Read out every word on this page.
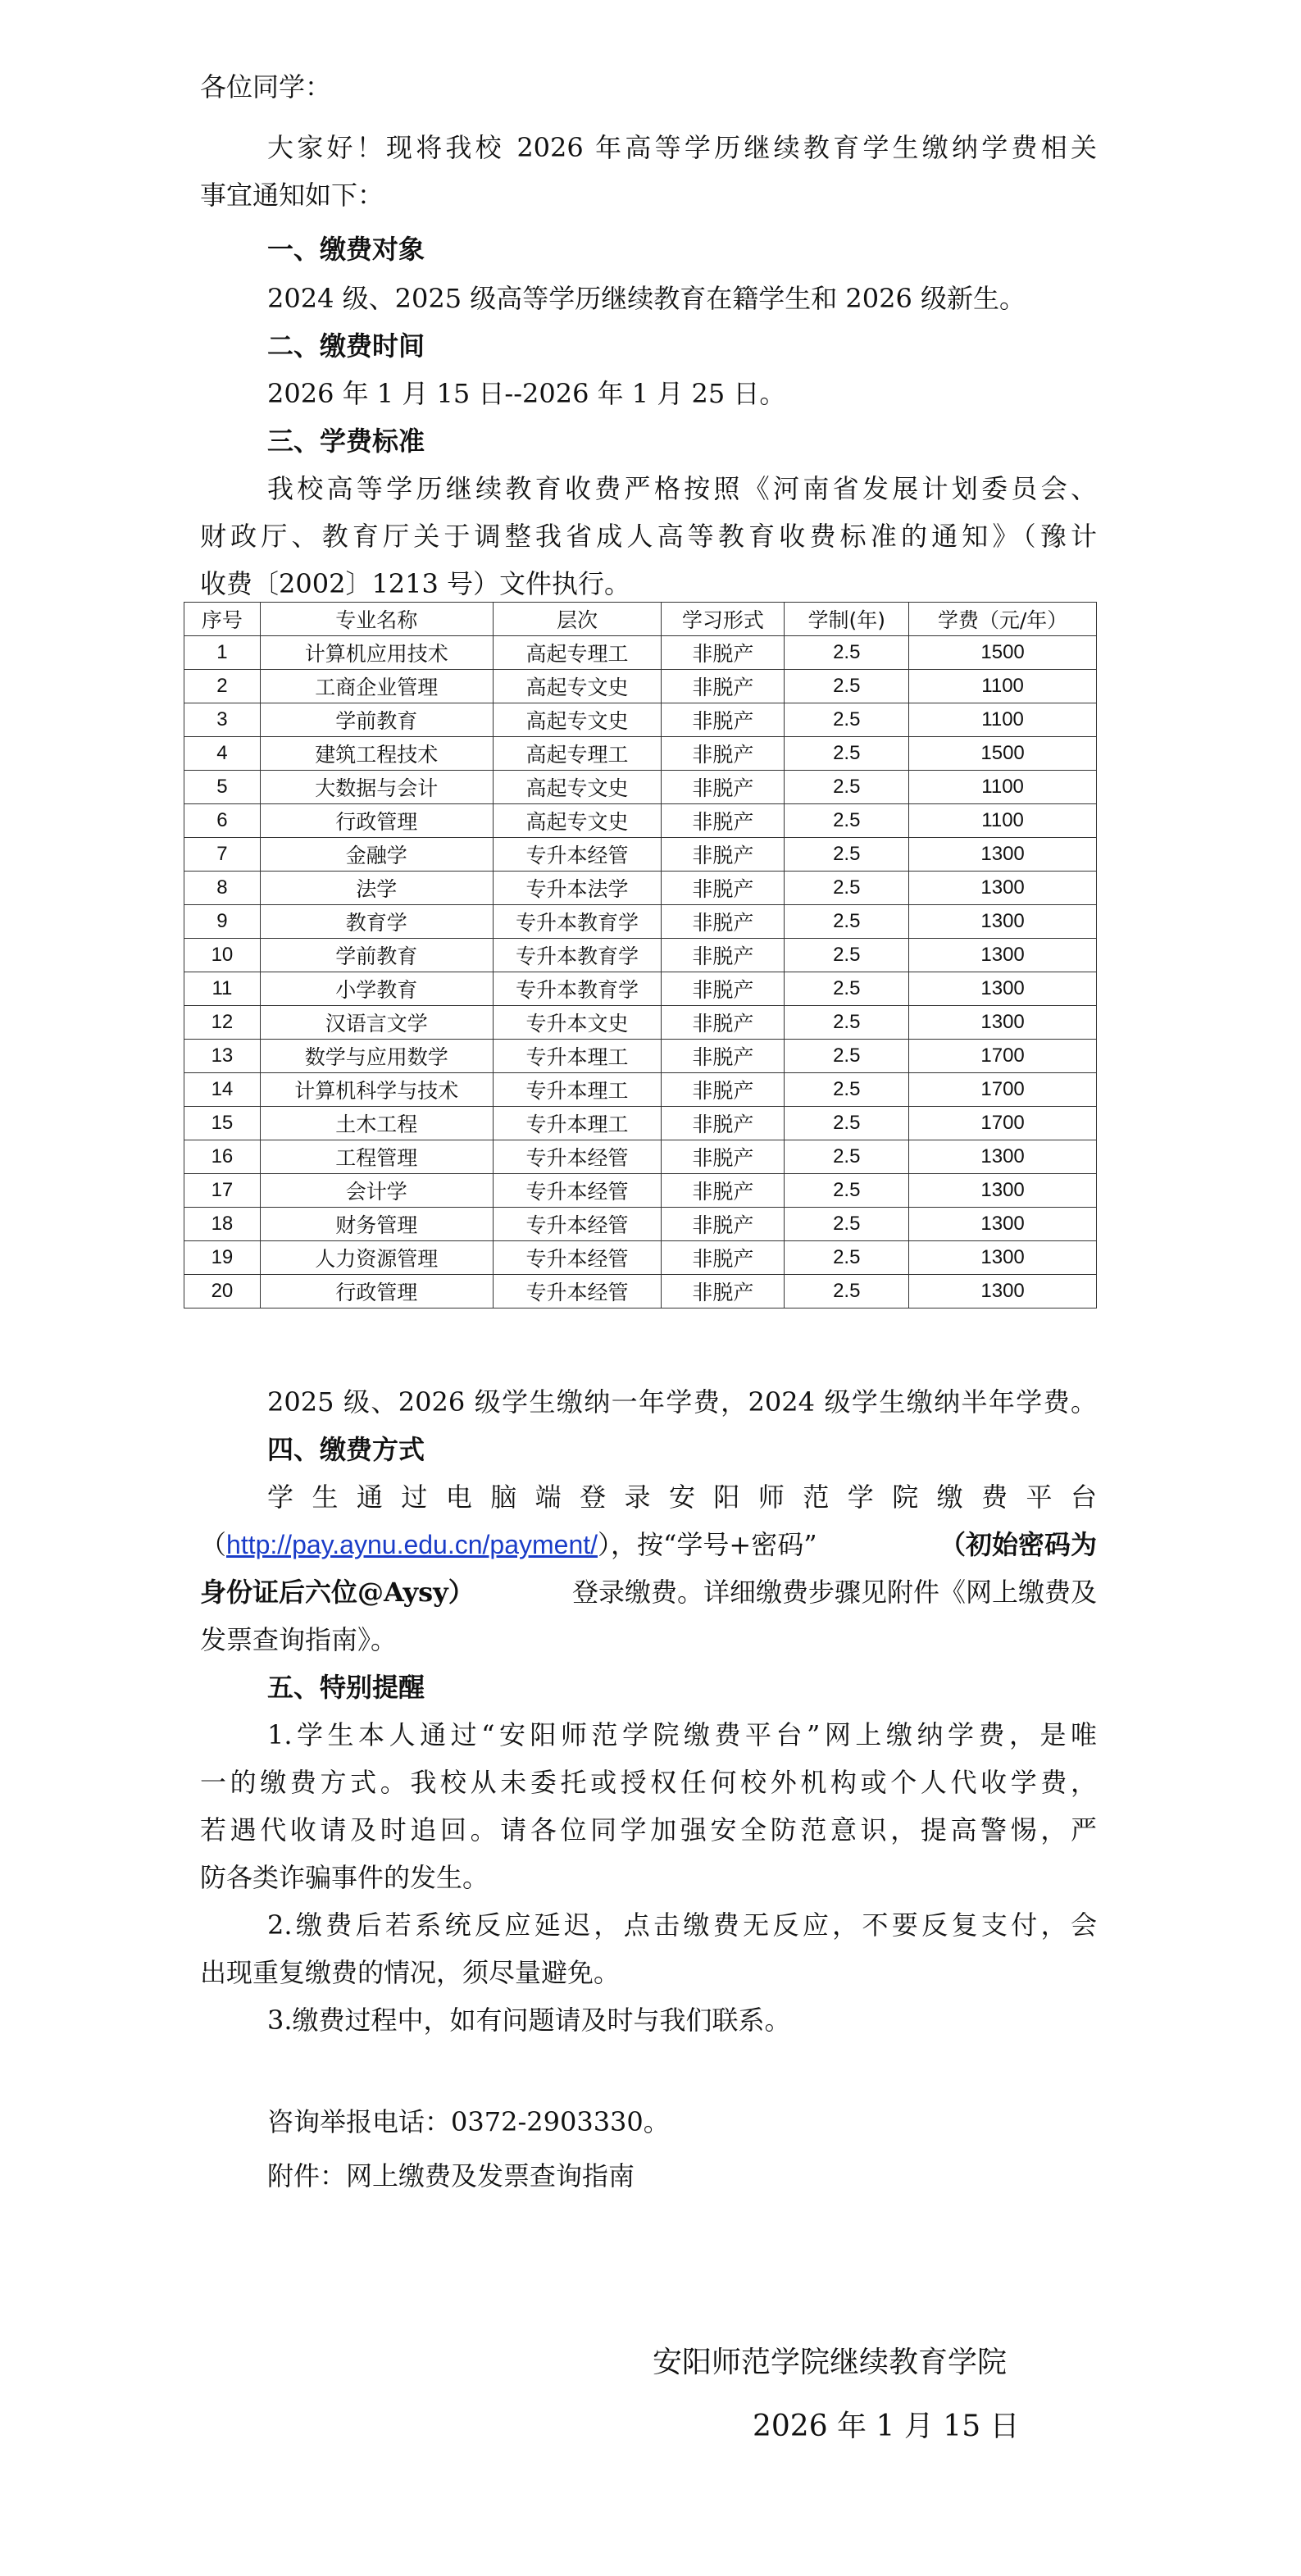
各位同学：
大家好！现将我校 2026 年高等学历继续教育学生缴纳学费相关
事宜通知如下：
一、缴费对象
2024 级、2025 级高等学历继续教育在籍学生和 2026 级新生。
二、缴费时间
2026 年 1 月 15 日--2026 年 1 月 25 日。
三、学费标准
我校高等学历继续教育收费严格按照《河南省发展计划委员会、
财政厅、教育厅关于调整我省成人高等教育收费标准的通知》（豫计
收费〔2002〕1213 号）文件执行。
序号	专业名称	层次	学习形式	学制(年)	学费（元/年）
1	计算机应用技术	高起专理工	非脱产	2.5	1500
2	工商企业管理	高起专文史	非脱产	2.5	1100
3	学前教育	高起专文史	非脱产	2.5	1100
4	建筑工程技术	高起专理工	非脱产	2.5	1500
5	大数据与会计	高起专文史	非脱产	2.5	1100
6	行政管理	高起专文史	非脱产	2.5	1100
7	金融学	专升本经管	非脱产	2.5	1300
8	法学	专升本法学	非脱产	2.5	1300
9	教育学	专升本教育学	非脱产	2.5	1300
10	学前教育	专升本教育学	非脱产	2.5	1300
11	小学教育	专升本教育学	非脱产	2.5	1300
12	汉语言文学	专升本文史	非脱产	2.5	1300
13	数学与应用数学	专升本理工	非脱产	2.5	1700
14	计算机科学与技术	专升本理工	非脱产	2.5	1700
15	土木工程	专升本理工	非脱产	2.5	1700
16	工程管理	专升本经管	非脱产	2.5	1300
17	会计学	专升本经管	非脱产	2.5	1300
18	财务管理	专升本经管	非脱产	2.5	1300
19	人力资源管理	专升本经管	非脱产	2.5	1300
20	行政管理	专升本经管	非脱产	2.5	1300
2025 级、2026 级学生缴纳一年学费，2024 级学生缴纳半年学费。
四、缴费方式
学生通过电脑端登录安阳师范学院缴费平台
（http://pay.aynu.edu.cn/payment/），按“学号+密码”	（初始密码为
身份证后六位@Aysy）	登录缴费。详细缴费步骤见附件《网上缴费及
发票查询指南》。
五、特别提醒
1.学生本人通过“安阳师范学院缴费平台”网上缴纳学费，是唯
一的缴费方式。我校从未委托或授权任何校外机构或个人代收学费，
若遇代收请及时追回。请各位同学加强安全防范意识，提高警惕，严
防各类诈骗事件的发生。
2.缴费后若系统反应延迟，点击缴费无反应，不要反复支付，会
出现重复缴费的情况，须尽量避免。
3.缴费过程中，如有问题请及时与我们联系。
咨询举报电话：0372-2903330。
附件：网上缴费及发票查询指南
安阳师范学院继续教育学院
2026 年 1 月 15 日
